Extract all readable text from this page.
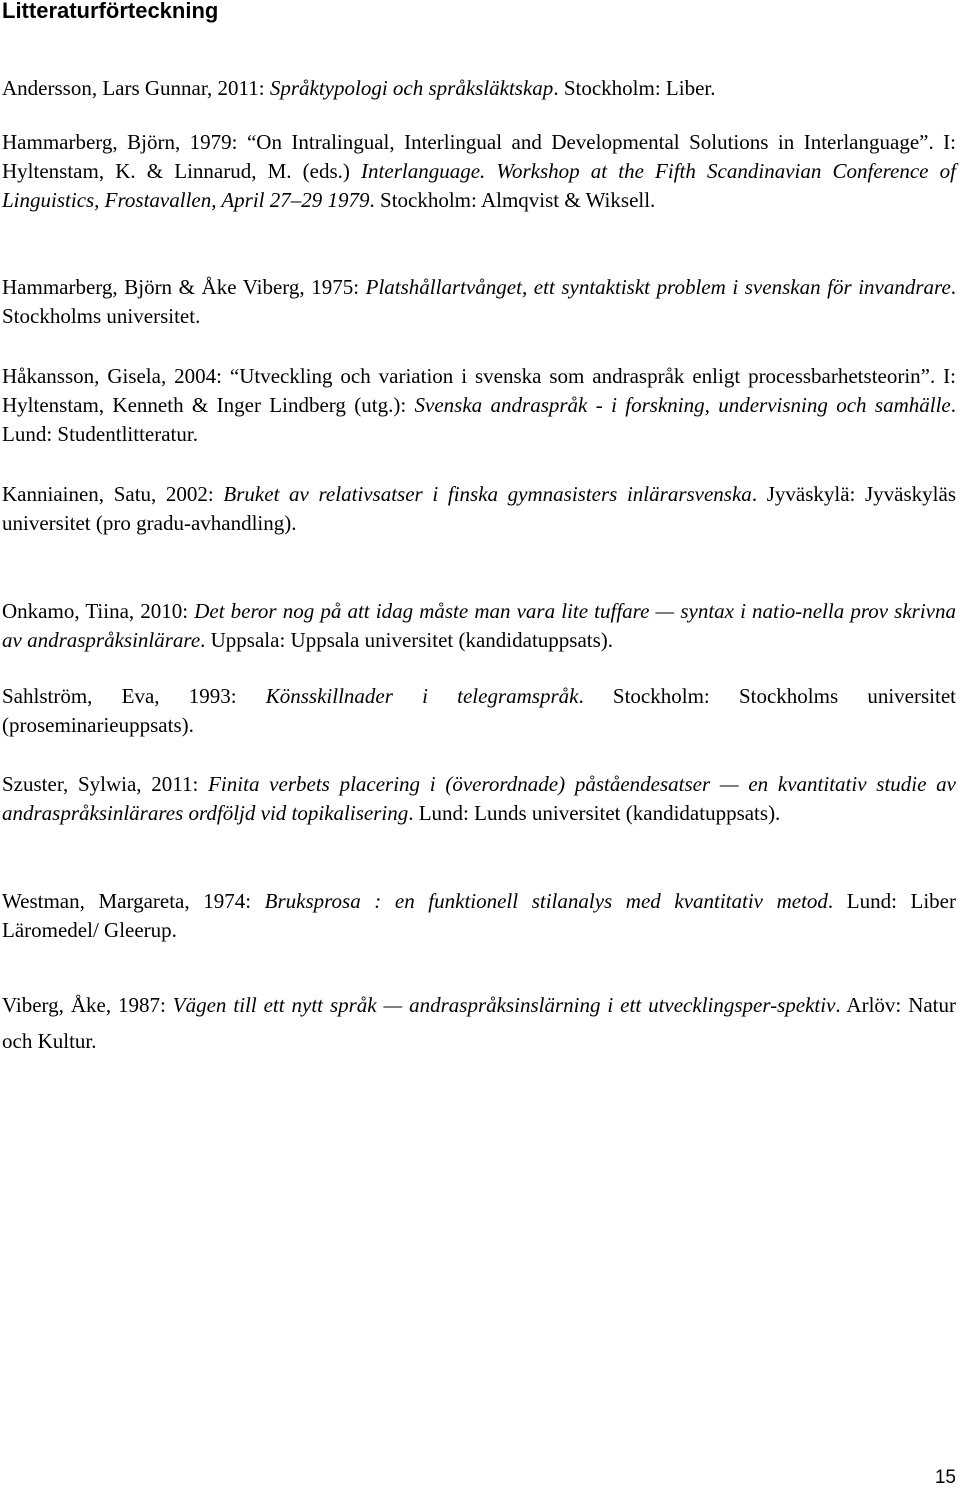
Litteraturförteckning

Andersson, Lars Gunnar, 2011: Språktypologi och språksläktskap. Stockholm: Liber.

Hammarberg, Björn, 1979: “On Intralingual, Interlingual and Developmental Solutions in Interlanguage”. I: Hyltenstam, K. & Linnarud, M. (eds.) Interlanguage. Workshop at the Fifth Scandinavian Conference of Linguistics, Frostavallen, April 27–29 1979. Stockholm: Almqvist & Wiksell.

Hammarberg, Björn & Åke Viberg, 1975: Platshållartvånget, ett syntaktiskt problem i svenskan för invandrare. Stockholms universitet.

Håkansson, Gisela, 2004: “Utveckling och variation i svenska som andraspråk enligt processbarhetsteorin”. I: Hyltenstam, Kenneth & Inger Lindberg (utg.): Svenska andraspråk - i forskning, undervisning och samhälle. Lund: Studentlitteratur.

Kanniainen, Satu, 2002: Bruket av relativsatser i finska gymnasisters inlärarsvenska. Jyväskylä: Jyväskyläs universitet (pro gradu-avhandling).

Onkamo, Tiina, 2010: Det beror nog på att idag måste man vara lite tuffare — syntax i natio-nella prov skrivna av andraspråksinlärare. Uppsala: Uppsala universitet (kandidatuppsats).

Sahlström, Eva, 1993: Könsskillnader i telegramspråk. Stockholm: Stockholms universitet (proseminarieuppsats).

Szuster, Sylwia, 2011: Finita verbets placering i (överordnade) påståendesatser — en kvantitativ studie av andraspråksinlärares ordföljd vid topikalisering. Lund: Lunds universitet (kandidatuppsats).

Westman, Margareta, 1974: Bruksprosa : en funktionell stilanalys med kvantitativ metod. Lund: Liber Läromedel/ Gleerup.

Viberg, Åke, 1987: Vägen till ett nytt språk — andraspråksinslärning i ett utvecklingsper-spektiv. Arlöv: Natur och Kultur.

15
